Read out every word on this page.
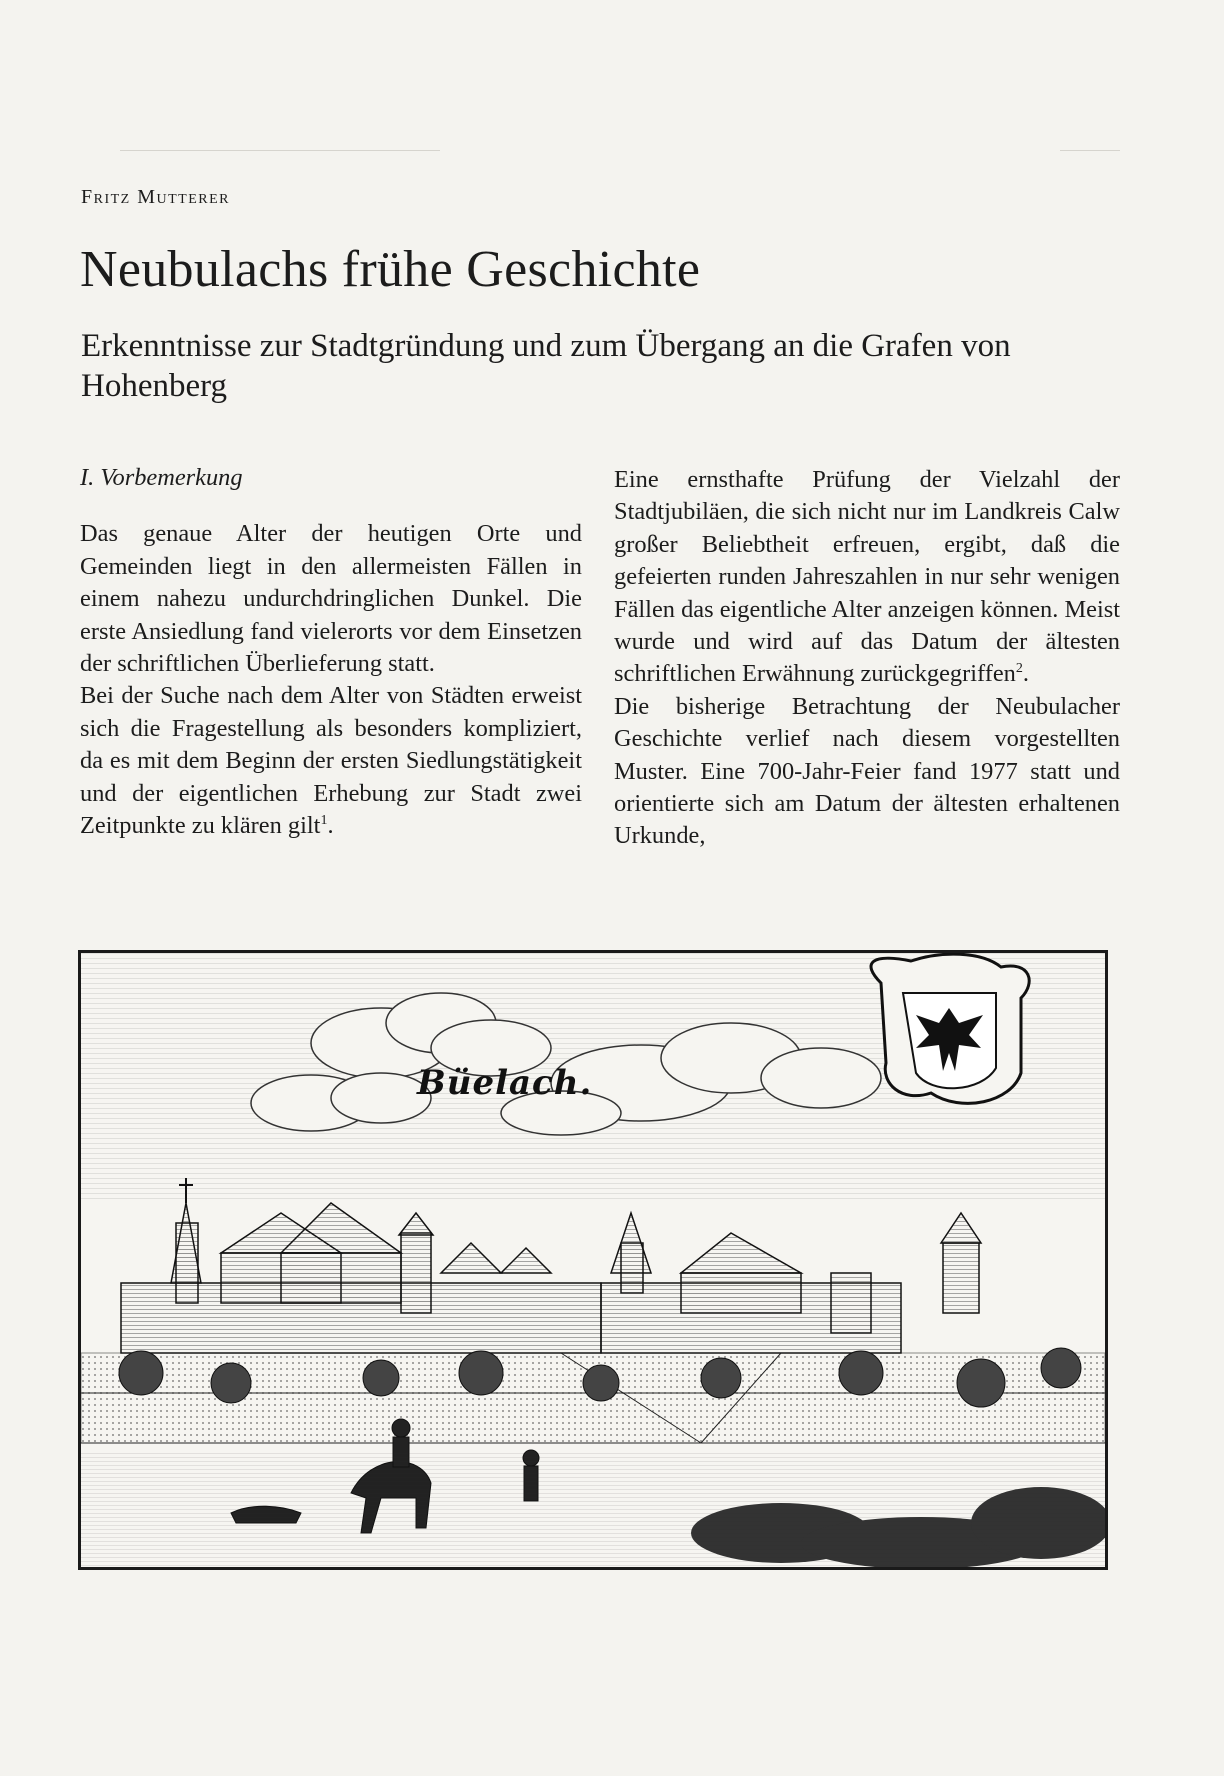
Fritz Mutterer
Neubulachs frühe Geschichte
Erkenntnisse zur Stadtgründung und zum Übergang an die Grafen von Hohenberg

I. Vorbemerkung

Das genaue Alter der heutigen Orte und Gemeinden liegt in den allermeisten Fällen in einem nahezu undurchdringlichen Dunkel. Die erste Ansiedlung fand vielerorts vor dem Einsetzen der schriftlichen Überlieferung statt.

Bei der Suche nach dem Alter von Städten erweist sich die Fragestellung als besonders kompliziert, da es mit dem Beginn der ersten Siedlungstätigkeit und der eigentlichen Erhebung zur Stadt zwei Zeitpunkte zu klären gilt$^1$.

Eine ernsthafte Prüfung der Vielzahl der Stadtjubiläen, die sich nicht nur im Landkreis Calw großer Beliebtheit erfreuen, ergibt, daß die gefeierten runden Jahreszahlen in nur sehr wenigen Fällen das eigentliche Alter anzeigen können. Meist wurde und wird auf das Datum der ältesten schriftlichen Erwähnung zurückgegriffen$^2$.

Die bisherige Betrachtung der Neubulacher Geschichte verlief nach diesem vorgestellten Muster. Eine 700-Jahr-Feier fand 1977 statt und orientierte sich am Datum der ältesten erhaltenen Urkunde,

Büelach.
